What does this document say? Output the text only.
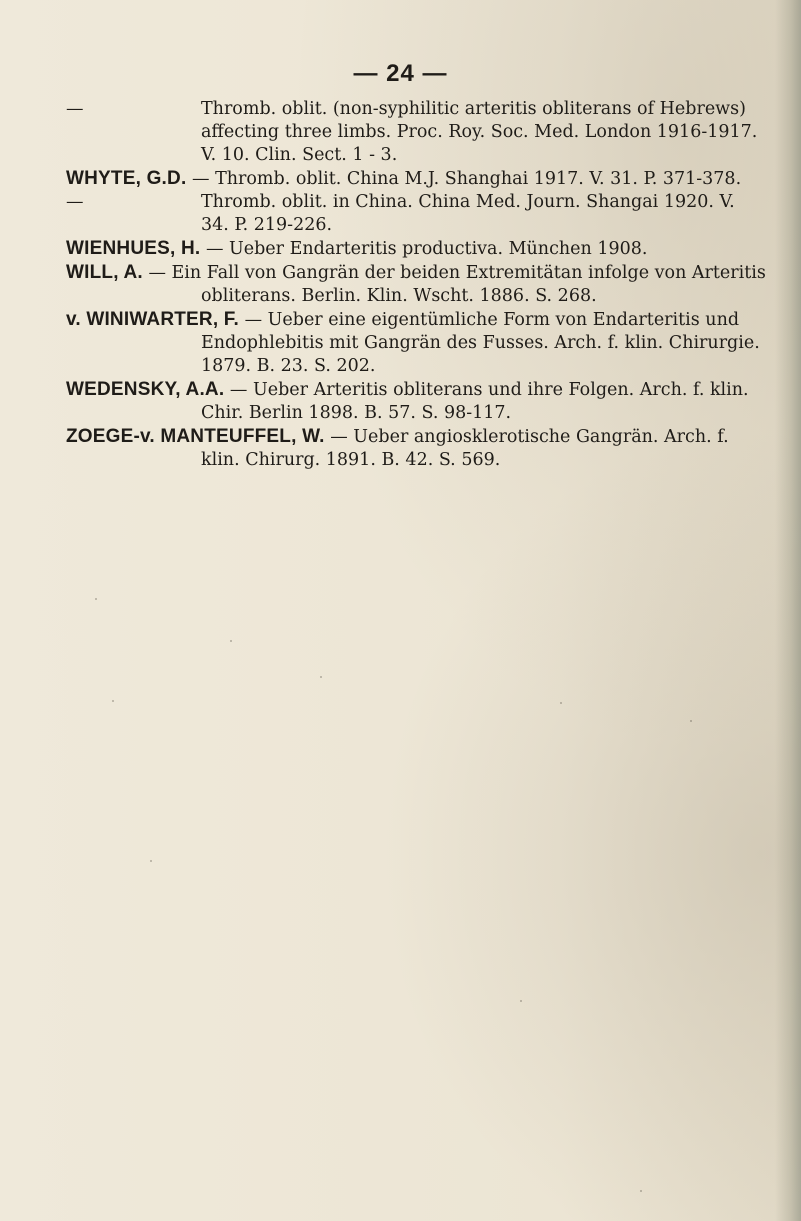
— 24 —

—	Thromb. oblit. (non-syphilitic arteritis obliterans of Hebrews) affecting three limbs. Proc. Roy. Soc. Med. London 1916-1917. V. 10. Clin. Sect. 1 - 3.

WHYTE, G.D. — Thromb. oblit. China M.J. Shanghai 1917. V. 31. P. 371-378.

—	Thromb. oblit. in China. China Med. Journ. Shangai 1920. V. 34. P. 219-226.

WIENHUES, H. — Ueber Endarteritis productiva. München 1908.

WILL, A. — Ein Fall von Gangrän der beiden Extremitätan infolge von Arteritis obliterans. Berlin. Klin. Wscht. 1886. S. 268.

v. WINIWARTER, F. — Ueber eine eigentümliche Form von Endarteritis und Endophlebitis mit Gangrän des Fusses. Arch. f. klin. Chirurgie. 1879. B. 23. S. 202.

WEDENSKY, A.A. — Ueber Arteritis obliterans und ihre Folgen. Arch. f. klin. Chir. Berlin 1898. B. 57. S. 98-117.

ZOEGE-v. MANTEUFFEL, W. — Ueber angiosklerotische Gangrän. Arch. f. klin. Chirurg. 1891. B. 42. S. 569.
